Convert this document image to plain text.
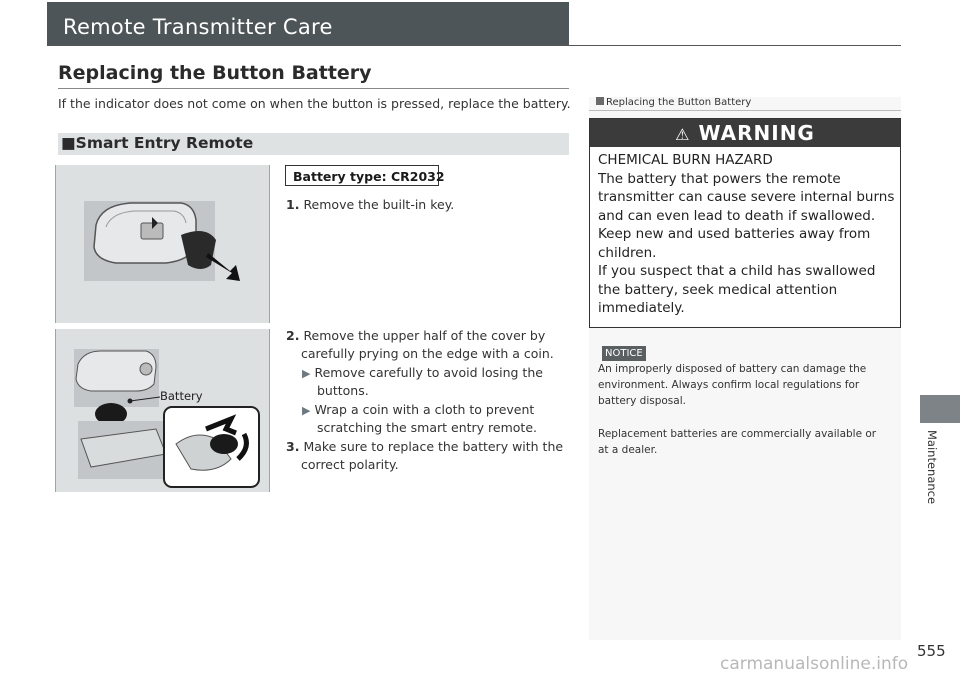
Remote Transmitter Care
Replacing the Button Battery
If the indicator does not come on when the button is pressed, replace the battery.
■Smart Entry Remote
Battery
Battery type: CR2032
1. Remove the built-in key.
2. Remove the upper half of the cover by
carefully prying on the edge with a coin.
▶ Remove carefully to avoid losing the
buttons.
▶ Wrap a coin with a cloth to prevent
scratching the smart entry remote.
3. Make sure to replace the battery with the
correct polarity.
Replacing the Button Battery
⚠ WARNING
CHEMICAL BURN HAZARD
The battery that powers the remote
transmitter can cause severe internal burns
and can even lead to death if swallowed.
Keep new and used batteries away from
children.
If you suspect that a child has swallowed
the battery, seek medical attention
immediately.
NOTICE
An improperly disposed of battery can damage the
environment. Always confirm local regulations for
battery disposal.
Replacement batteries are commercially available or
at a dealer.	Maintenance
555
carmanualsonline.info
